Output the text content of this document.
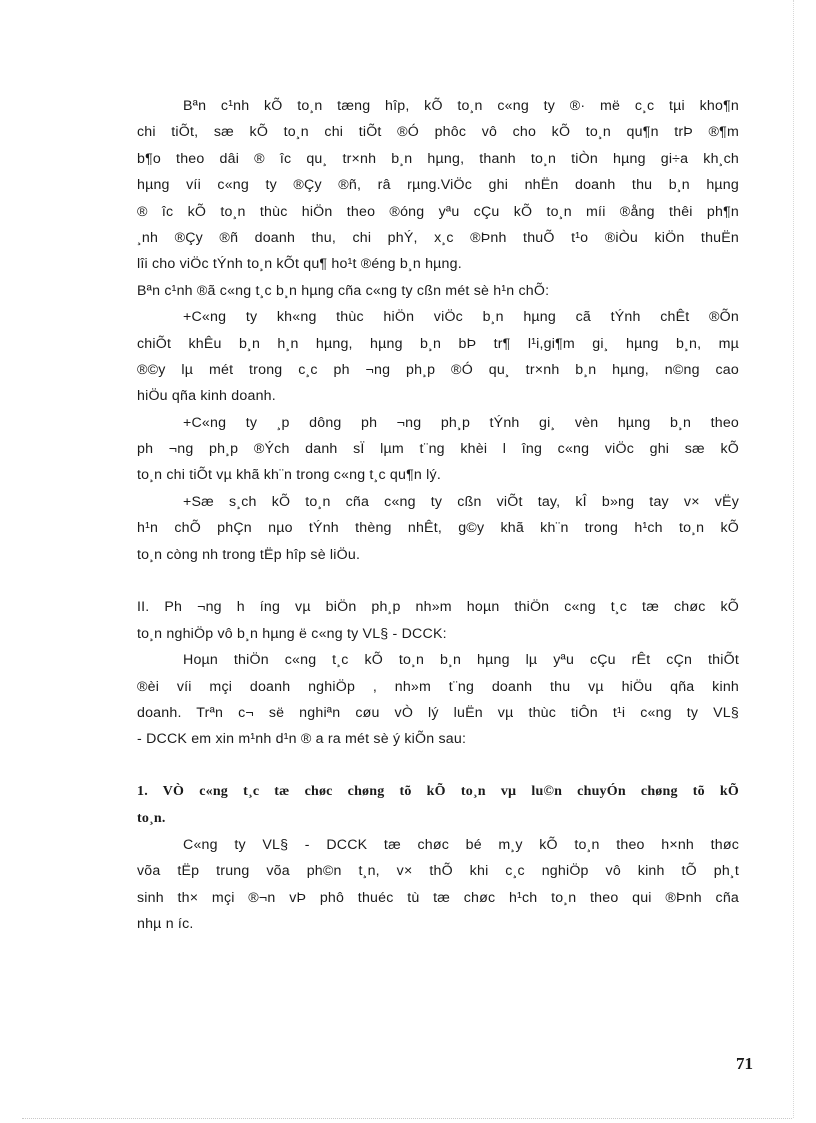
Bªn c¹nh kÕ to¸n tæng hîp, kÕ to¸n c«ng ty ®· më c¸c tµi kho¶n
chi tiÕt, sæ kÕ to¸n chi tiÕt ®Ó phôc vô cho kÕ to¸n qu¶n trÞ ®¶m
b¶o theo dâi ® îc qu¸ tr×nh b¸n hµng, thanh to¸n tiÒn hµng gi÷a kh¸ch
hµng víi c«ng ty ®Çy ®ñ, râ rµng.ViÖc ghi nhËn doanh thu b¸n hµng
® îc kÕ to¸n thùc hiÖn theo ®óng yªu cÇu kÕ to¸n míi ®ång thêi ph¶n
¸nh ®Çy ®ñ doanh thu, chi phÝ, x¸c ®Þnh thuÕ t¹o ®iÒu kiÖn thuËn
lîi cho viÖc tÝnh to¸n kÕt qu¶ ho¹t ®éng b¸n hµng.

Bªn c¹nh ®ã c«ng t¸c b¸n hµng cña c«ng ty cßn mét sè h¹n chÕ:

+C«ng ty kh«ng thùc hiÖn viÖc b¸n hµng cã tÝnh chÊt ®Õn
chiÕt khÊu b¸n h¸n hµng, hµng b¸n bÞ tr¶ l¹i,gi¶m gi¸ hµng b¸n, mµ
®©y lµ mét trong c¸c ph ¬ng ph¸p ®Ó qu¸ tr×nh b¸n hµng, n©ng cao
hiÖu qña kinh doanh.

+C«ng ty ¸p dông ph ¬ng ph¸p tÝnh gi¸ vèn hµng b¸n theo
ph ¬ng ph¸p ®Ých danh sÏ lµm t¨ng khèi l îng c«ng viÖc ghi sæ kÕ
to¸n chi tiÕt vµ khã kh¨n trong c«ng t¸c qu¶n lý.

+Sæ s¸ch kÕ to¸n cña c«ng ty cßn viÕt tay, kÎ b»ng tay v× vËy
h¹n chÕ phÇn nµo tÝnh thèng nhÊt, g©y khã kh¨n trong h¹ch to¸n kÕ
to¸n còng nh trong tËp hîp sè liÖu.

II. Ph ¬ng h íng vµ biÖn ph¸p nh»m hoµn thiÖn c«ng t¸c tæ chøc kÕ
to¸n nghiÖp vô b¸n hµng ë c«ng ty VL§ - DCCK:

Hoµn thiÖn c«ng t¸c kÕ to¸n b¸n hµng lµ yªu cÇu rÊt cÇn thiÕt
®èi víi mçi doanh nghiÖp , nh»m t¨ng doanh thu vµ hiÖu qña kinh
doanh. Trªn c¬ së nghiªn cøu vÒ lý luËn vµ thùc tiÔn t¹i c«ng ty VL§
- DCCK em xin m¹nh d¹n ® a ra mét sè ý kiÕn sau:

1. VÒ c«ng t¸c tæ chøc chøng tõ kÕ to¸n vµ lu©n chuyÓn chøng tõ kÕ
to¸n.

C«ng ty VL§ - DCCK tæ chøc bé m¸y kÕ to¸n theo h×nh thøc
võa tËp trung võa ph©n t¸n, v× thÕ khi c¸c nghiÖp vô kinh tÕ ph¸t
sinh th× mçi ®¬n vÞ phô thuéc tù tæ chøc h¹ch to¸n theo qui ®Þnh cña
nhµ n íc.

71
